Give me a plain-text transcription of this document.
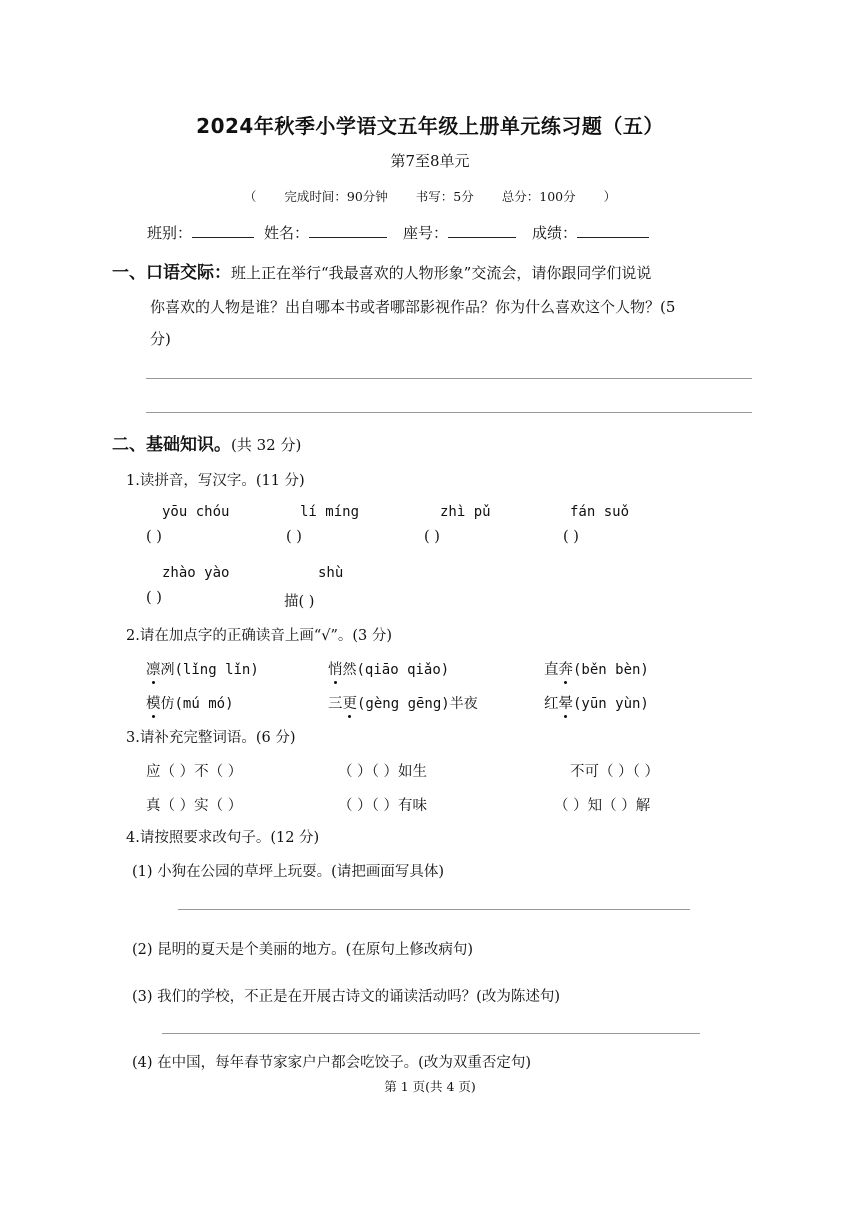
2024年秋季小学语文五年级上册单元练习题（五）
第7至8单元
（ 完成时间：90分钟 书写：5分 总分：100分 ）
班别：	姓名：	座号：	成绩：
一、口语交际：班上正在举行“我最喜欢的人物形象”交流会，请你跟同学们说说
你喜欢的人物是谁？出自哪本书或者哪部影视作品？你为什么喜欢这个人物？(5
分)
二、基础知识。(共 32 分)
1.读拼音，写汉字。(11 分)
yōu chóu	lí míng	zhì pǔ	fán suǒ
( )	( )	( )	( )
zhào yào	shù
( )	描( )
2.请在加点字的正确读音上画“√”。(3 分)
凛冽(lǐng lǐn)	悄然(qiāo qiǎo)	直奔(běn bèn)
模仿(mú mó)	三更(gèng gēng)半夜	红晕(yūn yùn)
3.请补充完整词语。(6 分)
应（ ）不（ ）	（ ）（ ）如生	不可（ ）（ ）
真（ ）实（ ）	（ ）（ ）有味	（ ）知（ ）解
4.请按照要求改句子。(12 分)
(1) 小狗在公园的草坪上玩耍。(请把画面写具体)
(2) 昆明的夏天是个美丽的地方。(在原句上修改病句)
(3) 我们的学校，不正是在开展古诗文的诵读活动吗？(改为陈述句)
(4) 在中国，每年春节家家户户都会吃饺子。(改为双重否定句)
第 1 页(共 4 页)
